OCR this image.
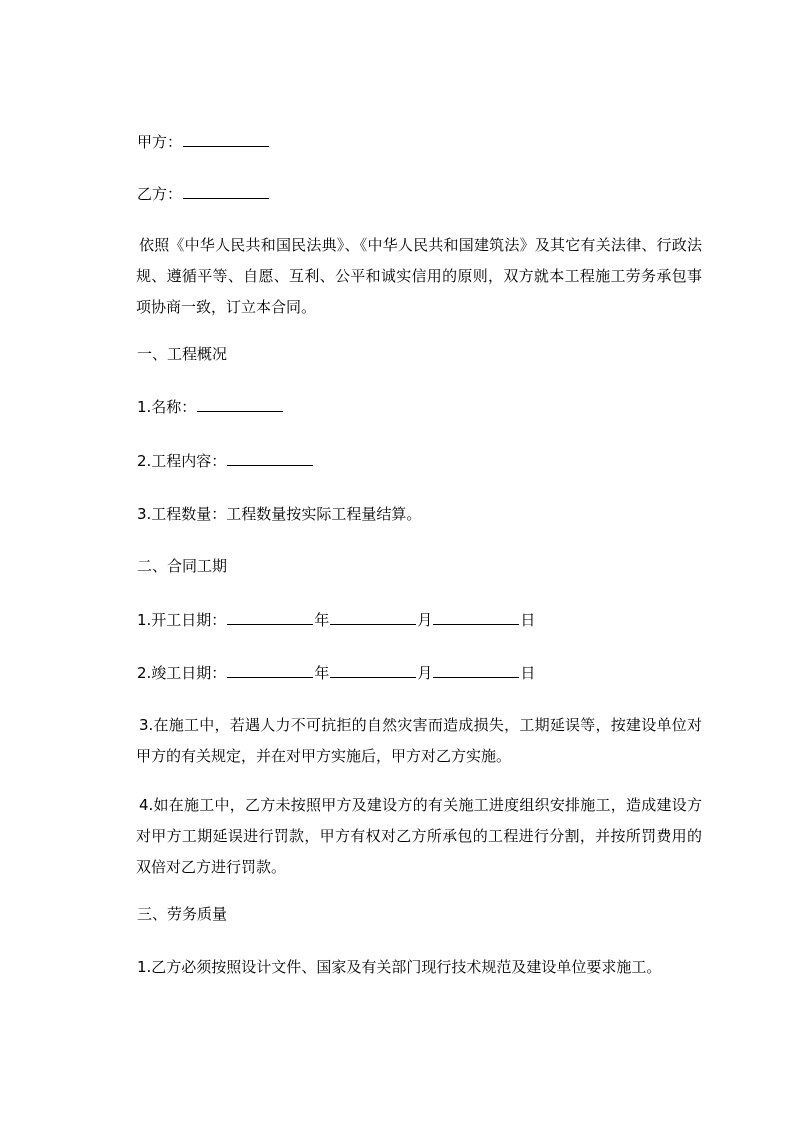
甲方：
乙方：
依照《中华人民共和国民法典》、《中华人民共和国建筑法》及其它有关法律、行政法规、遵循平等、自愿、互利、公平和诚实信用的原则，双方就本工程施工劳务承包事项协商一致，订立本合同。
一、工程概况
1.名称：
2.工程内容：
3.工程数量：工程数量按实际工程量结算。
二、合同工期
1.开工日期：	年	月	日
2.竣工日期：	年	月	日
3.在施工中，若遇人力不可抗拒的自然灾害而造成损失，工期延误等，按建设单位对甲方的有关规定，并在对甲方实施后，甲方对乙方实施。
4.如在施工中，乙方未按照甲方及建设方的有关施工进度组织安排施工，造成建设方对甲方工期延误进行罚款，甲方有权对乙方所承包的工程进行分割，并按所罚费用的双倍对乙方进行罚款。
三、劳务质量
1.乙方必须按照设计文件、国家及有关部门现行技术规范及建设单位要求施工。
